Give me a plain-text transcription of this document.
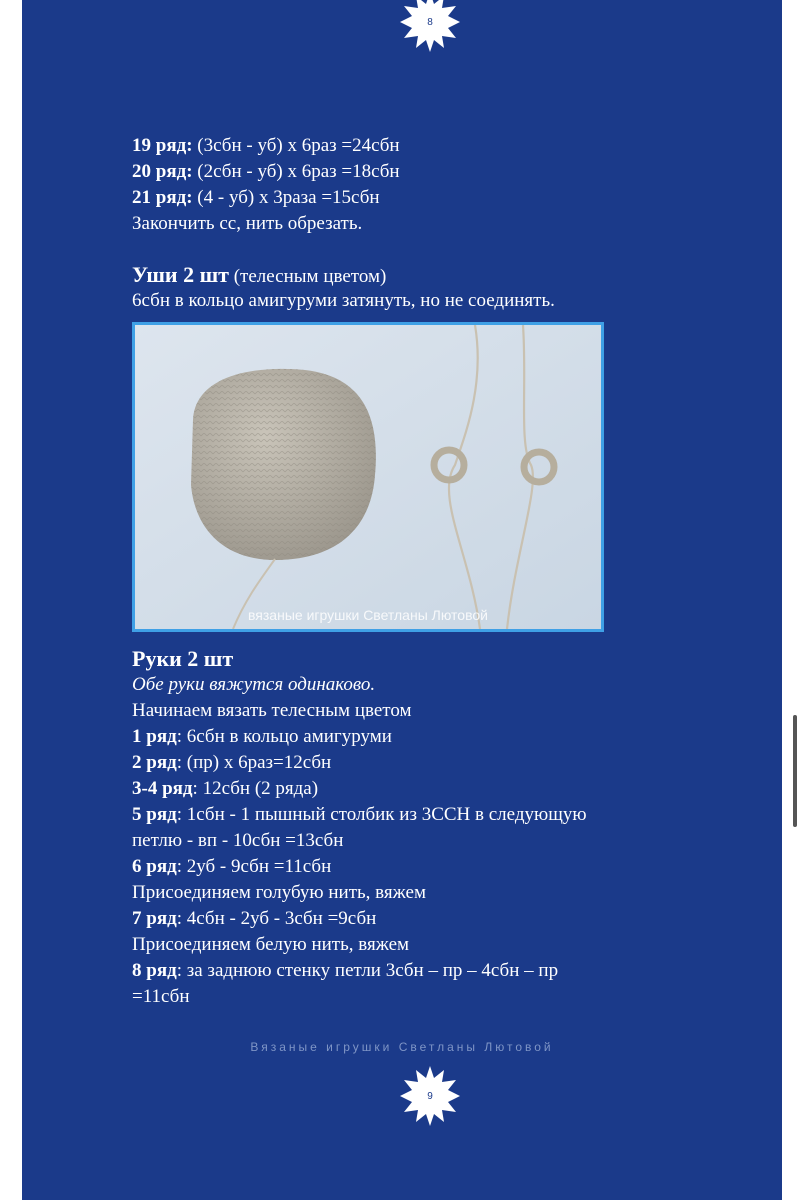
8
19 ряд: (3сбн - уб) х 6раз =24сбн
20 ряд: (2сбн - уб) х 6раз =18сбн
21 ряд: (4 - уб) х 3раза =15сбн
Закончить сс, нить обрезать.
Уши 2 шт (телесным цветом)
6сбн в кольцо амигуруми затянуть, но не соединять.
вязаные игрушки Светланы Лютовой
Руки 2 шт
Обе руки вяжутся одинаково.
Начинаем вязать телесным цветом
1 ряд: 6сбн в кольцо амигуруми
2 ряд: (пр) х 6раз=12сбн
3-4 ряд: 12сбн (2 ряда)
5 ряд: 1сбн - 1 пышный столбик из 3ССН в следующую
петлю - вп - 10сбн =13сбн
6 ряд: 2уб - 9сбн =11сбн
Присоединяем голубую нить, вяжем
7 ряд: 4сбн - 2уб - 3сбн =9сбн
Присоединяем белую нить, вяжем
8 ряд: за заднюю стенку петли 3сбн – пр – 4сбн – пр
=11сбн
Вязаные игрушки Светланы Лютовой
9
